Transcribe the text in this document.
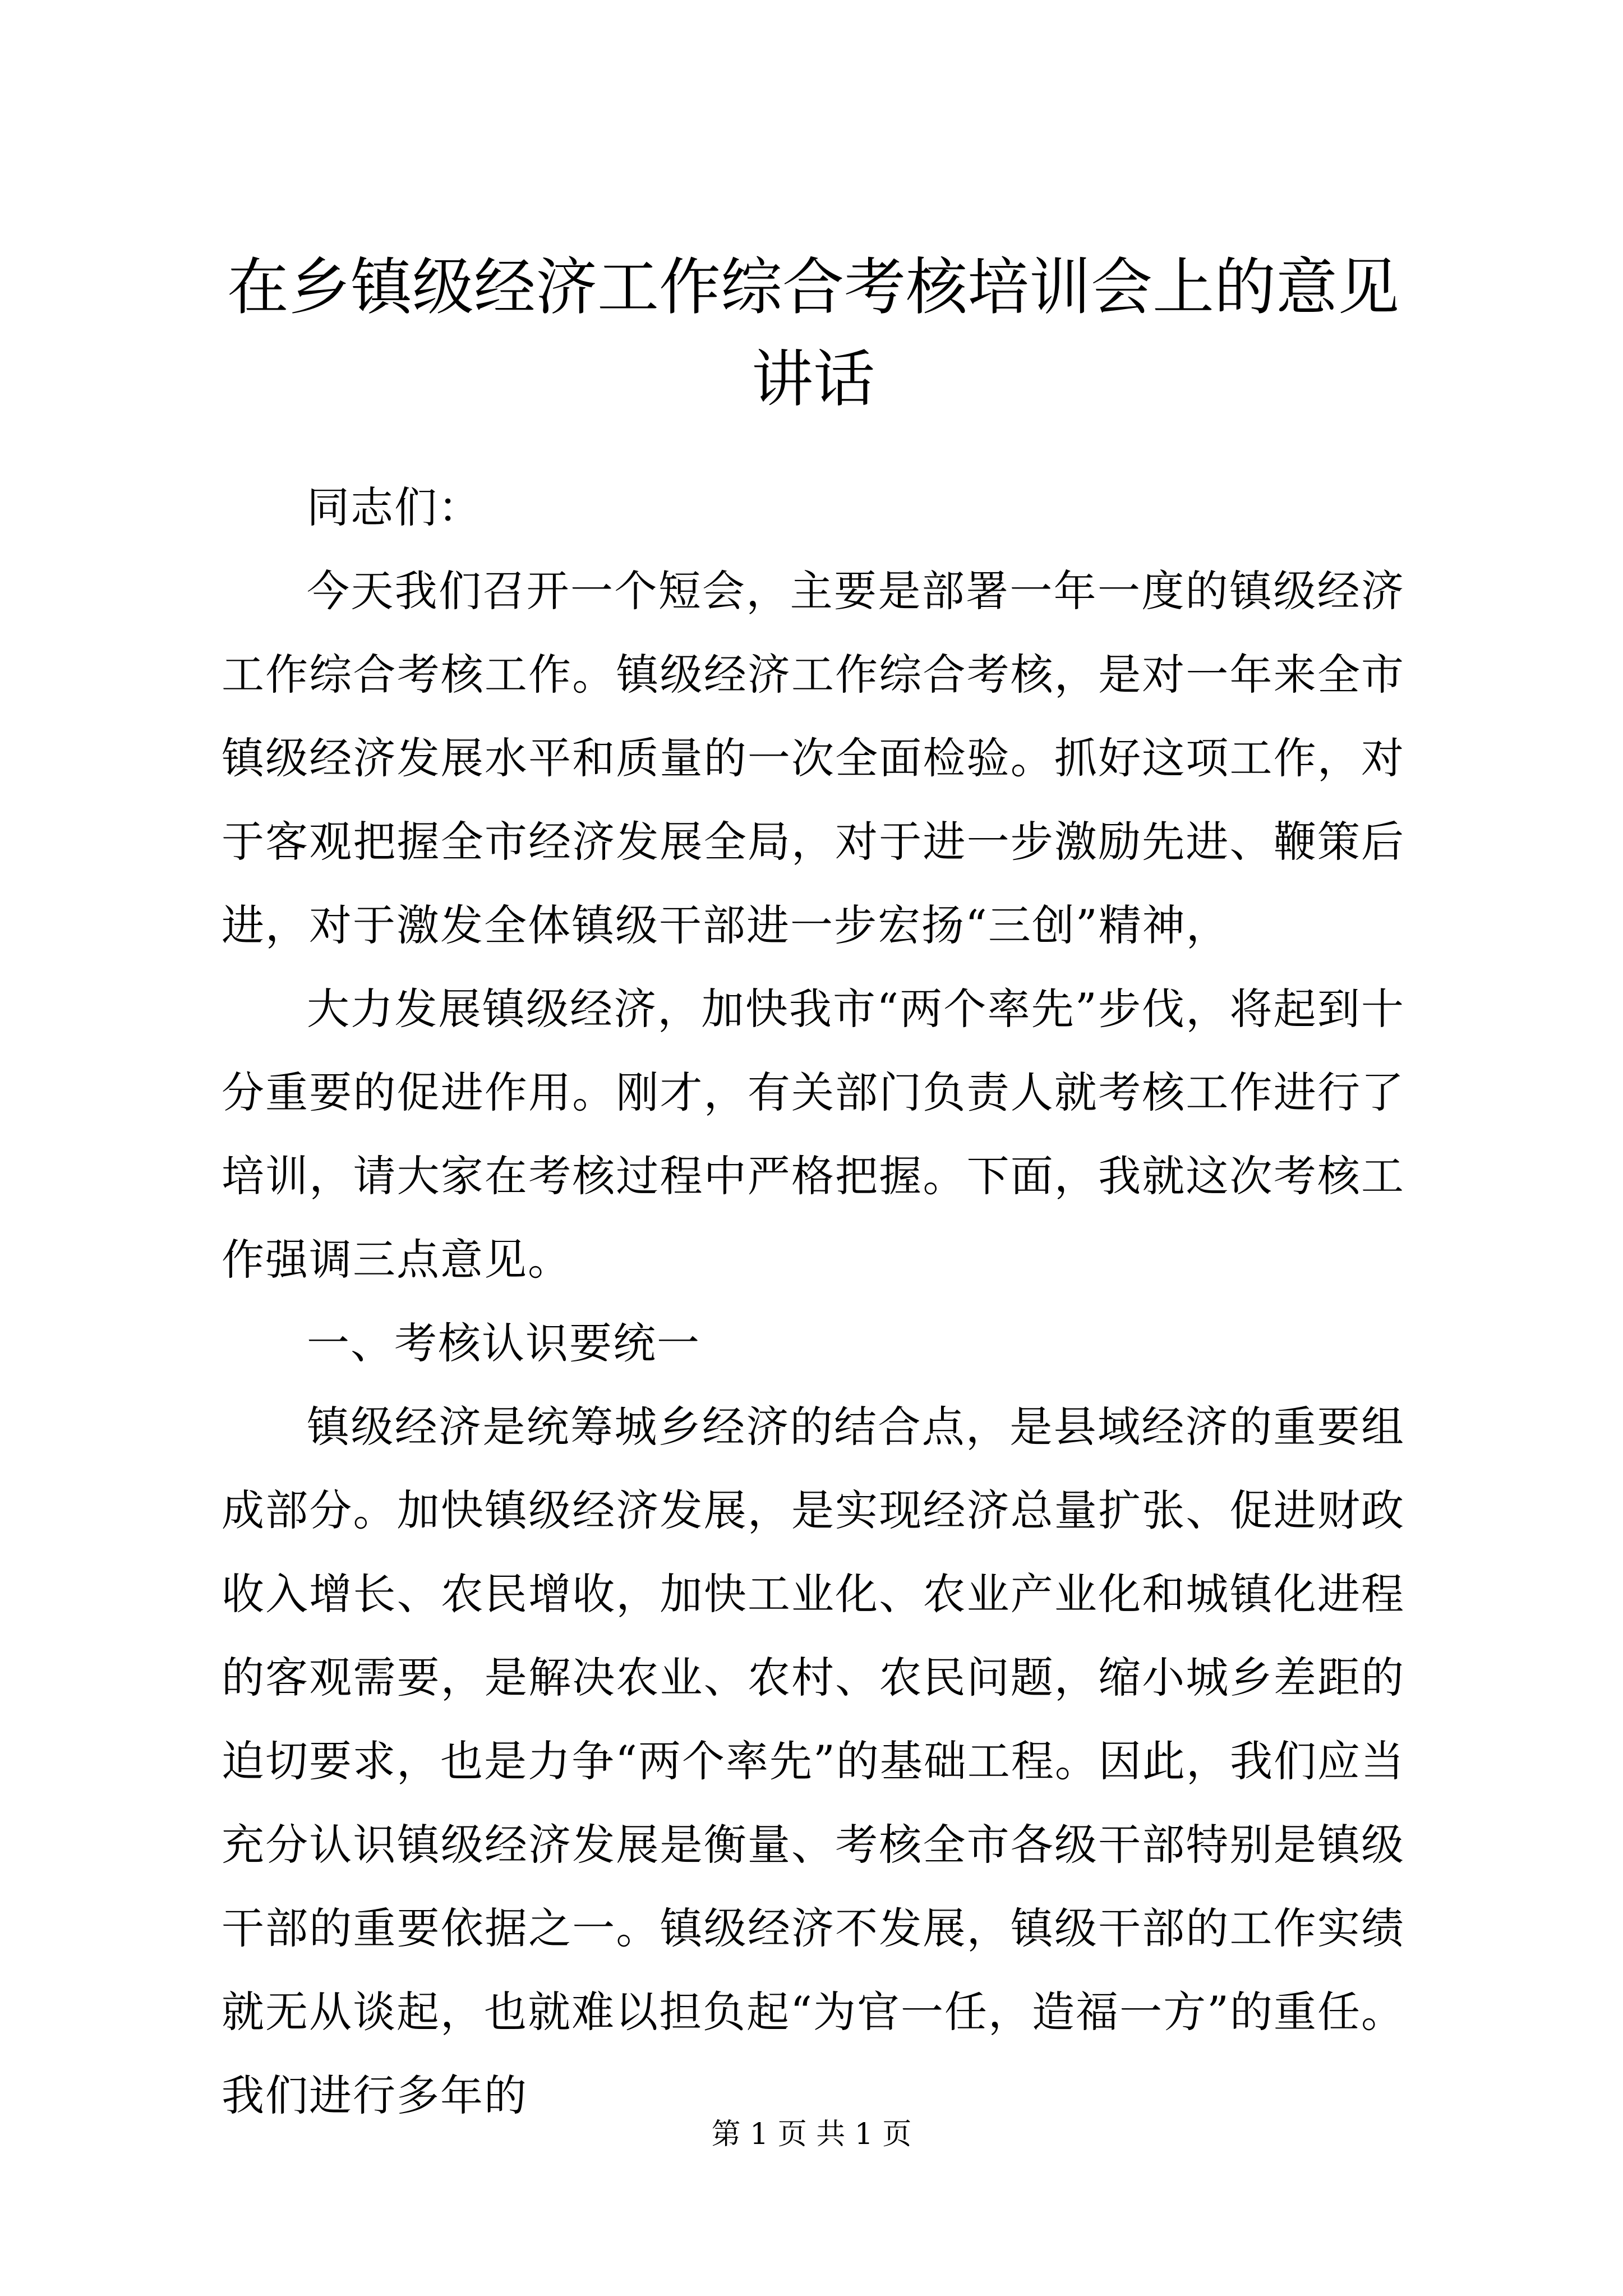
在乡镇级经济工作综合考核培训会上的意见讲话

同志们：

今天我们召开一个短会，主要是部署一年一度的镇级经济工作综合考核工作。镇级经济工作综合考核，是对一年来全市镇级经济发展水平和质量的一次全面检验。抓好这项工作，对于客观把握全市经济发展全局，对于进一步激励先进、鞭策后进，对于激发全体镇级干部进一步宏扬“三创”精神，

大力发展镇级经济，加快我市“两个率先”步伐，将起到十分重要的促进作用。刚才，有关部门负责人就考核工作进行了培训，请大家在考核过程中严格把握。下面，我就这次考核工作强调三点意见。

一、考核认识要统一

镇级经济是统筹城乡经济的结合点，是县域经济的重要组成部分。加快镇级经济发展，是实现经济总量扩张、促进财政收入增长、农民增收，加快工业化、农业产业化和城镇化进程的客观需要，是解决农业、农村、农民问题，缩小城乡差距的迫切要求，也是力争“两个率先”的基础工程。因此，我们应当充分认识镇级经济发展是衡量、考核全市各级干部特别是镇级干部的重要依据之一。镇级经济不发展，镇级干部的工作实绩就无从谈起，也就难以担负起“为官一任，造福一方”的重任。我们进行多年的

第 1 页 共 1 页
